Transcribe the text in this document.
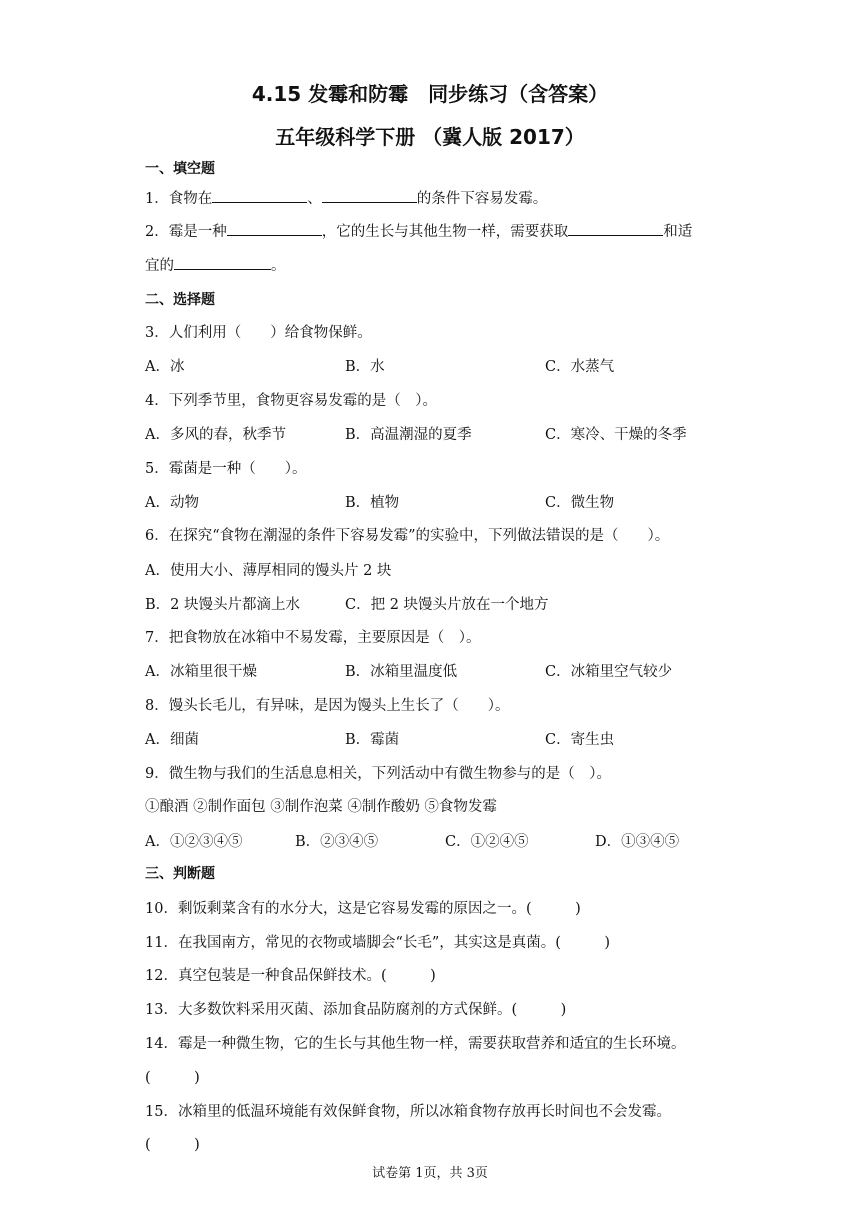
4.15 发霉和防霉　同步练习（含答案）
五年级科学下册 （冀人版 2017）
一、填空题
1．食物在	、	的条件下容易发霉。
2．霉是一种	，它的生长与其他生物一样，需要获取	和适
宜的	。
二、选择题
3．人们利用（　　）给食物保鲜。
A．冰	B．水	C．水蒸气
4．下列季节里，食物更容易发霉的是（　）。
A．多风的春，秋季节	B．高温潮湿的夏季	C．寒冷、干燥的冬季
5．霉菌是一种（　　）。
A．动物	B．植物	C．微生物
6．在探究“食物在潮湿的条件下容易发霉”的实验中，下列做法错误的是（　　）。
A．使用大小、薄厚相同的馒头片 2 块
B．2 块馒头片都滴上水	C．把 2 块馒头片放在一个地方
7．把食物放在冰箱中不易发霉，主要原因是（　）。
A．冰箱里很干燥	B．冰箱里温度低	C．冰箱里空气较少
8．馒头长毛儿，有异味，是因为馒头上生长了（　　）。
A．细菌	B．霉菌	C．寄生虫
9．微生物与我们的生活息息相关，下列活动中有微生物参与的是（　）。
①酿酒 ②制作面包 ③制作泡菜 ④制作酸奶 ⑤食物发霉
A．①②③④⑤	B．②③④⑤	C．①②④⑤	D．①③④⑤
三、判断题
10．剩饭剩菜含有的水分大，这是它容易发霉的原因之一。(　　　)
11．在我国南方，常见的衣物或墙脚会“长毛”，其实这是真菌。(　　　)
12．真空包装是一种食品保鲜技术。(　　　)
13．大多数饮料采用灭菌、添加食品防腐剂的方式保鲜。(　　　)
14．霉是一种微生物，它的生长与其他生物一样，需要获取营养和适宜的生长环境。
(　　　)
15．冰箱里的低温环境能有效保鲜食物，所以冰箱食物存放再长时间也不会发霉。
(　　　)
试卷第 1页，共 3页
